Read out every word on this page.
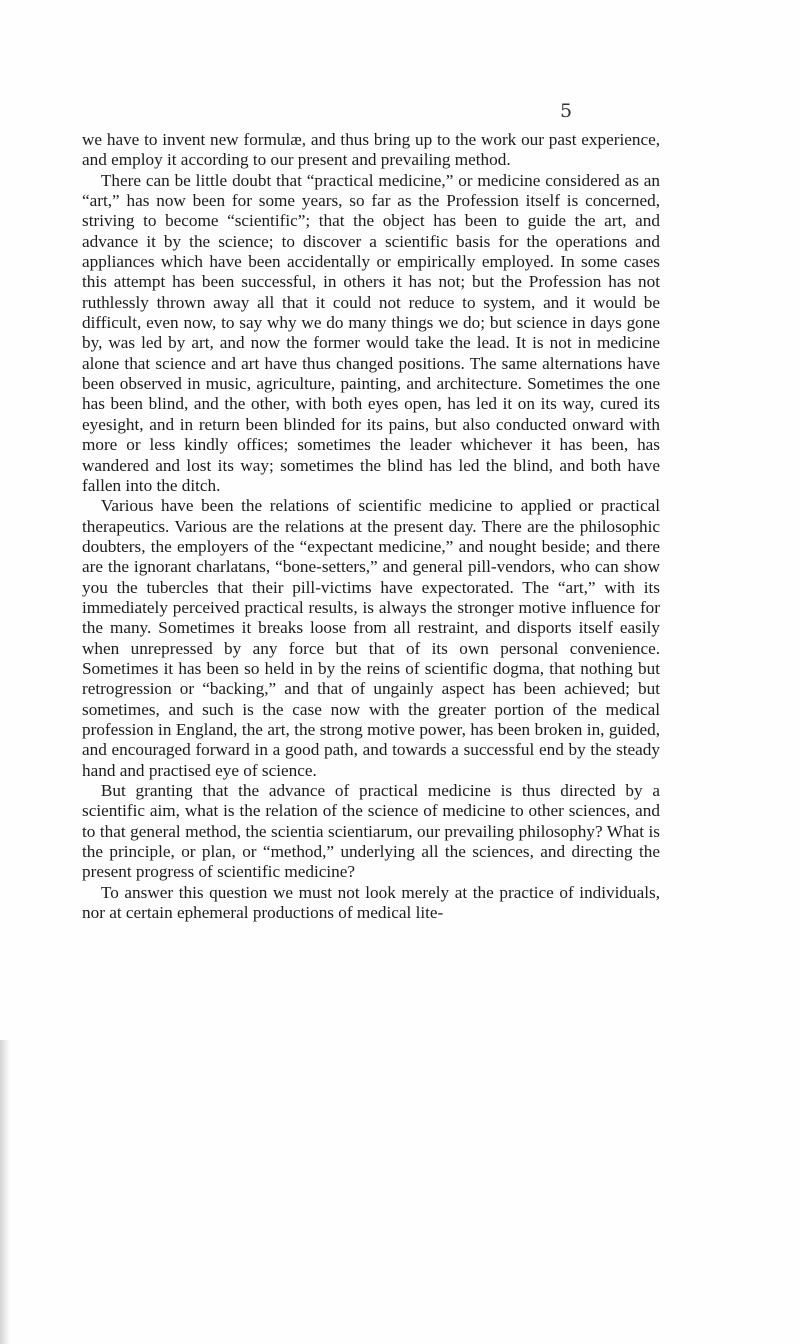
5

we have to invent new formulæ, and thus bring up to the work our past experience, and employ it according to our present and prevailing method.

There can be little doubt that “practical medicine,” or medicine considered as an “art,” has now been for some years, so far as the Profession itself is concerned, striving to become “scientific”; that the object has been to guide the art, and advance it by the science; to discover a scientific basis for the operations and appliances which have been accidentally or empirically employed. In some cases this attempt has been successful, in others it has not; but the Profession has not ruthlessly thrown away all that it could not reduce to system, and it would be difficult, even now, to say why we do many things we do; but science in days gone by, was led by art, and now the former would take the lead. It is not in medicine alone that science and art have thus changed positions. The same alternations have been observed in music, agriculture, painting, and architecture. Sometimes the one has been blind, and the other, with both eyes open, has led it on its way, cured its eyesight, and in return been blinded for its pains, but also conducted onward with more or less kindly offices; sometimes the leader whichever it has been, has wandered and lost its way; sometimes the blind has led the blind, and both have fallen into the ditch.

Various have been the relations of scientific medicine to applied or practical therapeutics. Various are the relations at the present day. There are the philosophic doubters, the employers of the “expectant medicine,” and nought beside; and there are the ignorant charlatans, “bone-setters,” and general pill-vendors, who can show you the tubercles that their pill-victims have expectorated. The “art,” with its immediately perceived practical results, is always the stronger motive influence for the many. Sometimes it breaks loose from all restraint, and disports itself easily when unrepressed by any force but that of its own personal convenience. Sometimes it has been so held in by the reins of scientific dogma, that nothing but retrogression or “backing,” and that of ungainly aspect has been achieved; but sometimes, and such is the case now with the greater portion of the medical profession in England, the art, the strong motive power, has been broken in, guided, and encouraged forward in a good path, and towards a successful end by the steady hand and practised eye of science.

But granting that the advance of practical medicine is thus directed by a scientific aim, what is the relation of the science of medicine to other sciences, and to that general method, the scientia scientiarum, our prevailing philosophy? What is the principle, or plan, or “method,” underlying all the sciences, and directing the present progress of scientific medicine?

To answer this question we must not look merely at the practice of individuals, nor at certain ephemeral productions of medical lite-
